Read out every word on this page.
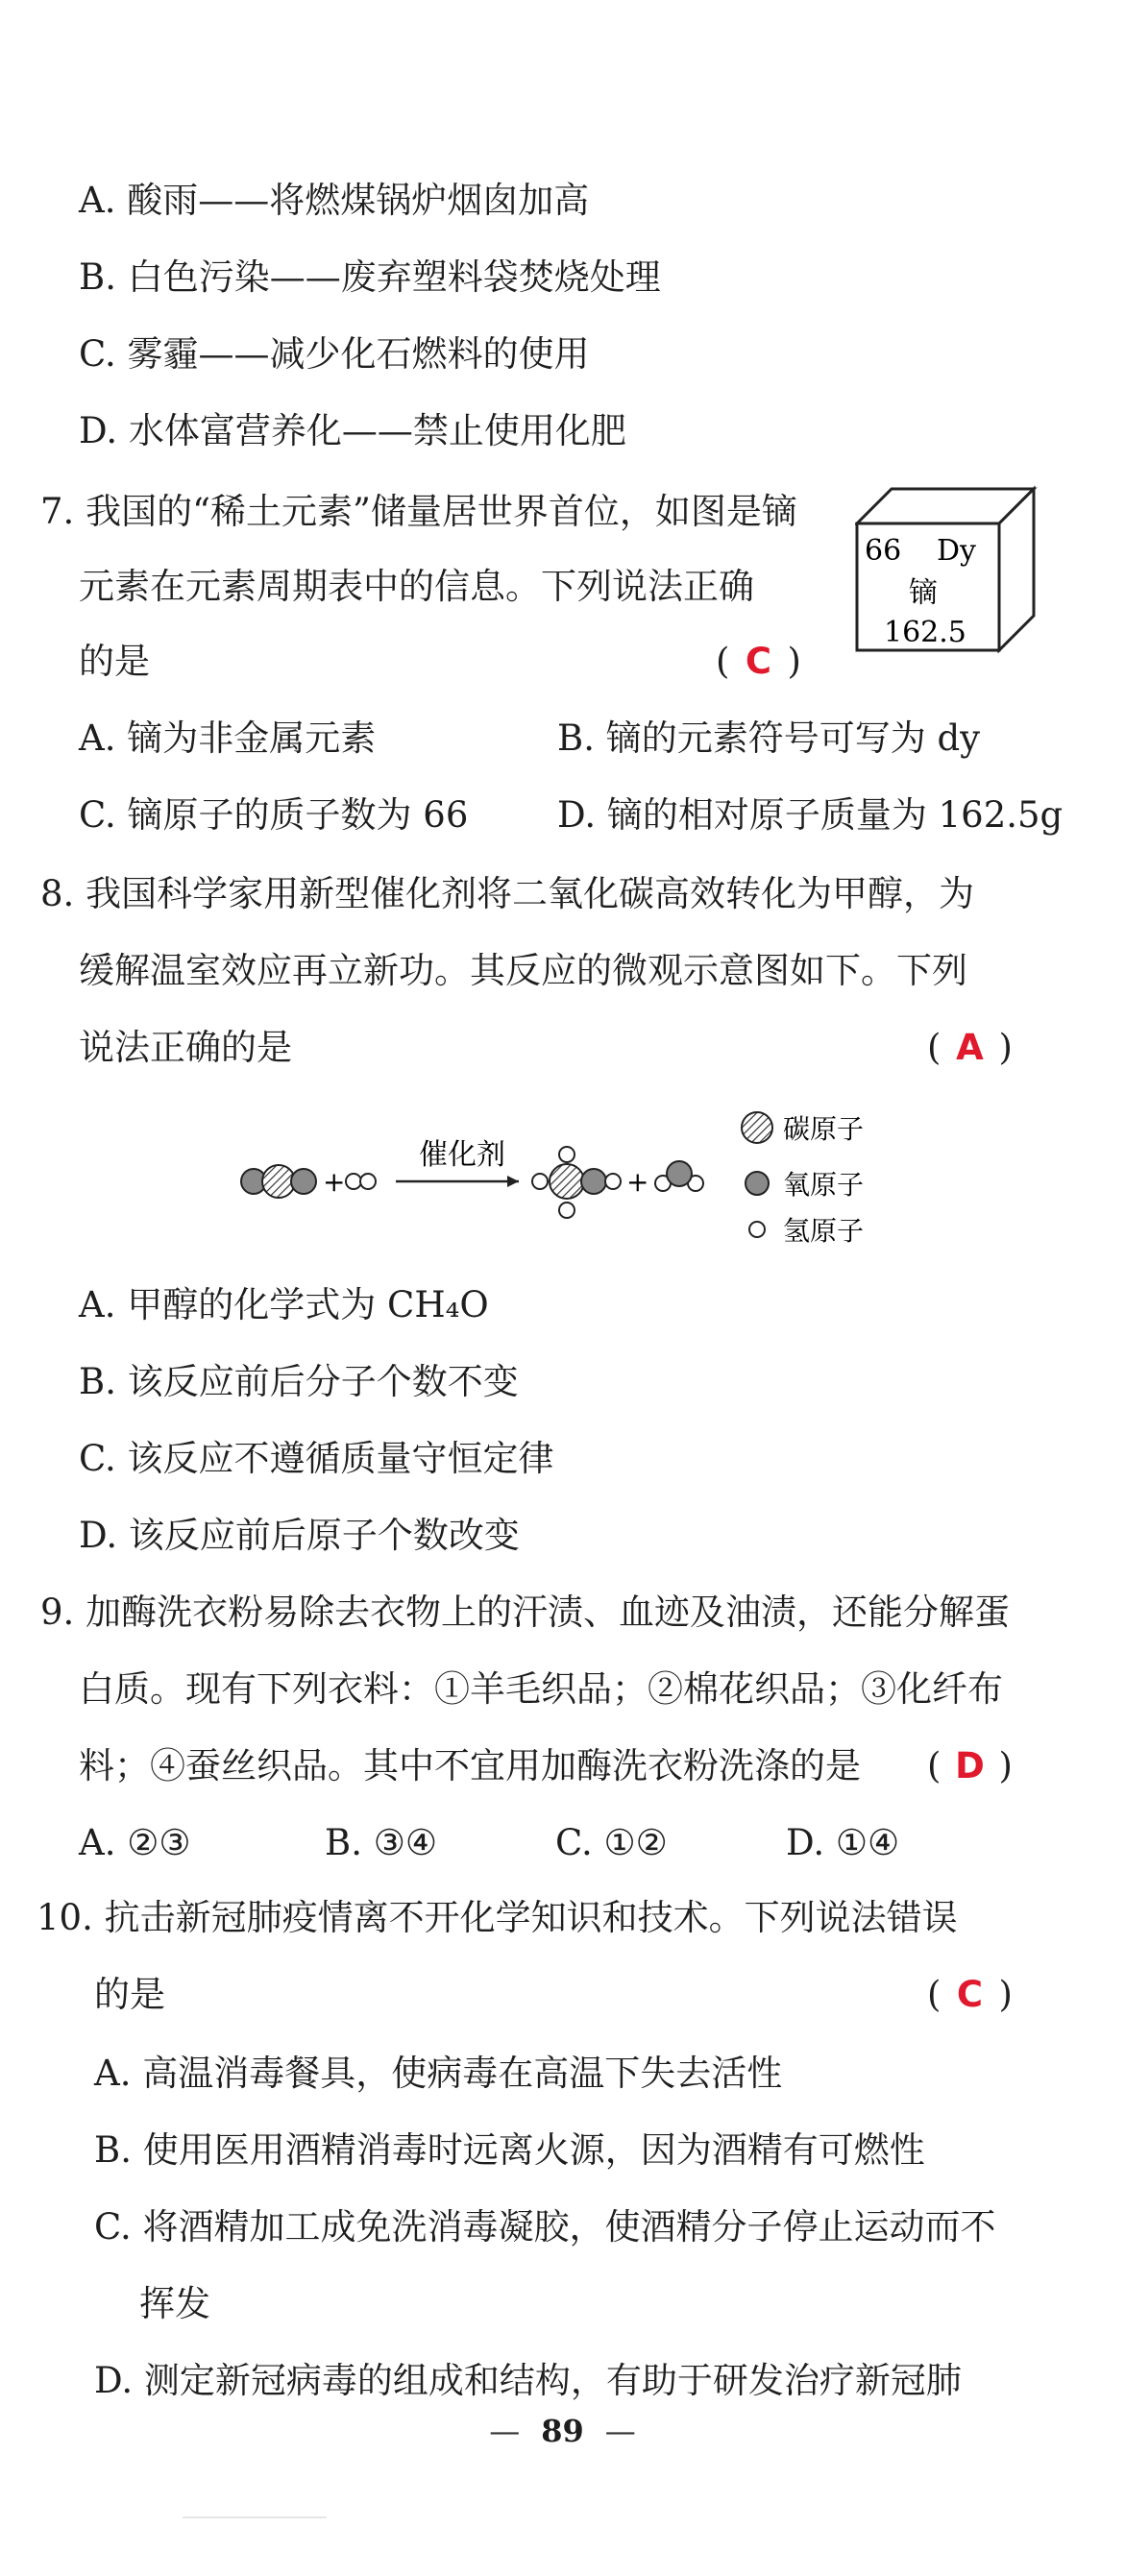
A. 酸雨——将燃煤锅炉烟囱加高
B. 白色污染——废弃塑料袋焚烧处理
C. 雾霾——减少化石燃料的使用
D. 水体富营养化——禁止使用化肥
7. 我国的“稀土元素”储量居世界首位，如图是镝
元素在元素周期表中的信息。下列说法正确
的是	( C )
66 Dy
镝
162.5
A. 镝为非金属元素	B. 镝的元素符号可写为 dy
C. 镝原子的质子数为 66	D. 镝的相对原子质量为 162.5g
8. 我国科学家用新型催化剂将二氧化碳高效转化为甲醇，为
缓解温室效应再立新功。其反应的微观示意图如下。下列
说法正确的是	( A )
+
催化剂
+
碳原子
氧原子
氢原子
A. 甲醇的化学式为 CH₄O
B. 该反应前后分子个数不变
C. 该反应不遵循质量守恒定律
D. 该反应前后原子个数改变
9. 加酶洗衣粉易除去衣物上的汗渍、血迹及油渍，还能分解蛋
白质。现有下列衣料：①羊毛织品；②棉花织品；③化纤布
料；④蚕丝织品。其中不宜用加酶洗衣粉洗涤的是 ( D )
A. ②③	B. ③④	C. ①②	D. ①④
10. 抗击新冠肺疫情离不开化学知识和技术。下列说法错误
的是	( C )
A. 高温消毒餐具，使病毒在高温下失去活性
B. 使用医用酒精消毒时远离火源，因为酒精有可燃性
C. 将酒精加工成免洗消毒凝胶，使酒精分子停止运动而不
挥发
D. 测定新冠病毒的组成和结构，有助于研发治疗新冠肺
— 89 —
